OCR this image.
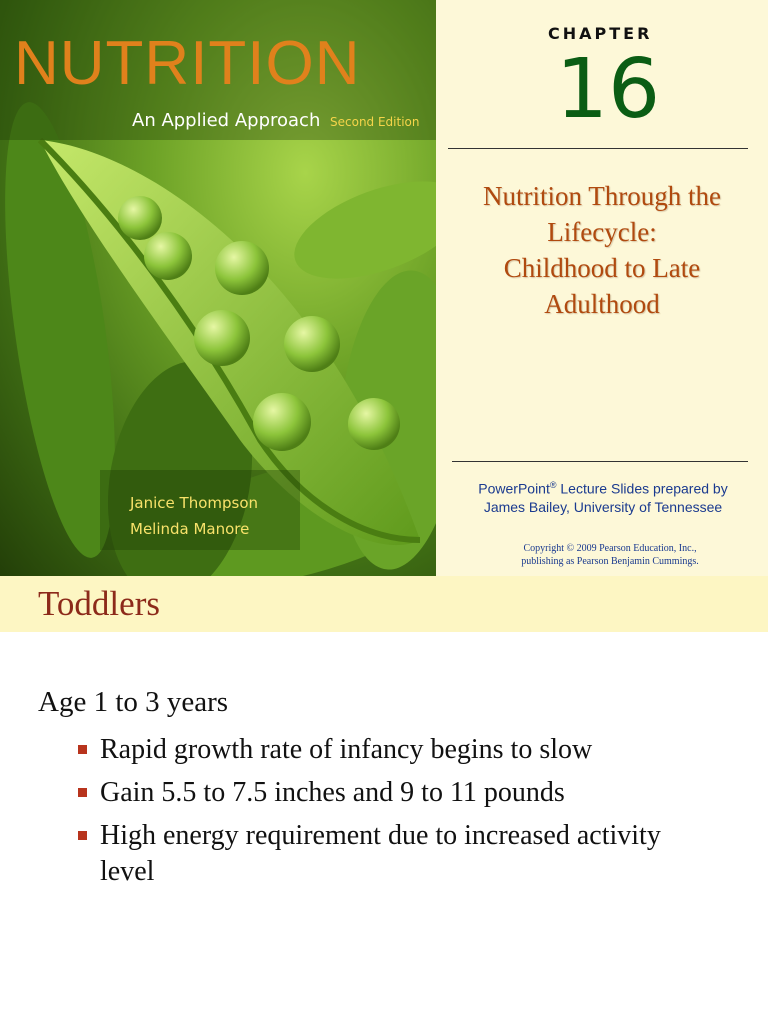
NUTRITION
An Applied Approach Second Edition
Janice Thompson
Melinda Manore
CHAPTER
16
Nutrition Through the
Lifecycle:
Childhood to Late
Adulthood
PowerPoint® Lecture Slides prepared by
James Bailey, University of Tennessee
Copyright © 2009 Pearson Education, Inc.,
publishing as Pearson Benjamin Cummings.
Toddlers
Age 1 to 3 years
Rapid growth rate of infancy begins to slow
Gain 5.5 to 7.5 inches and 9 to 11 pounds
High energy requirement due to increased activity level
